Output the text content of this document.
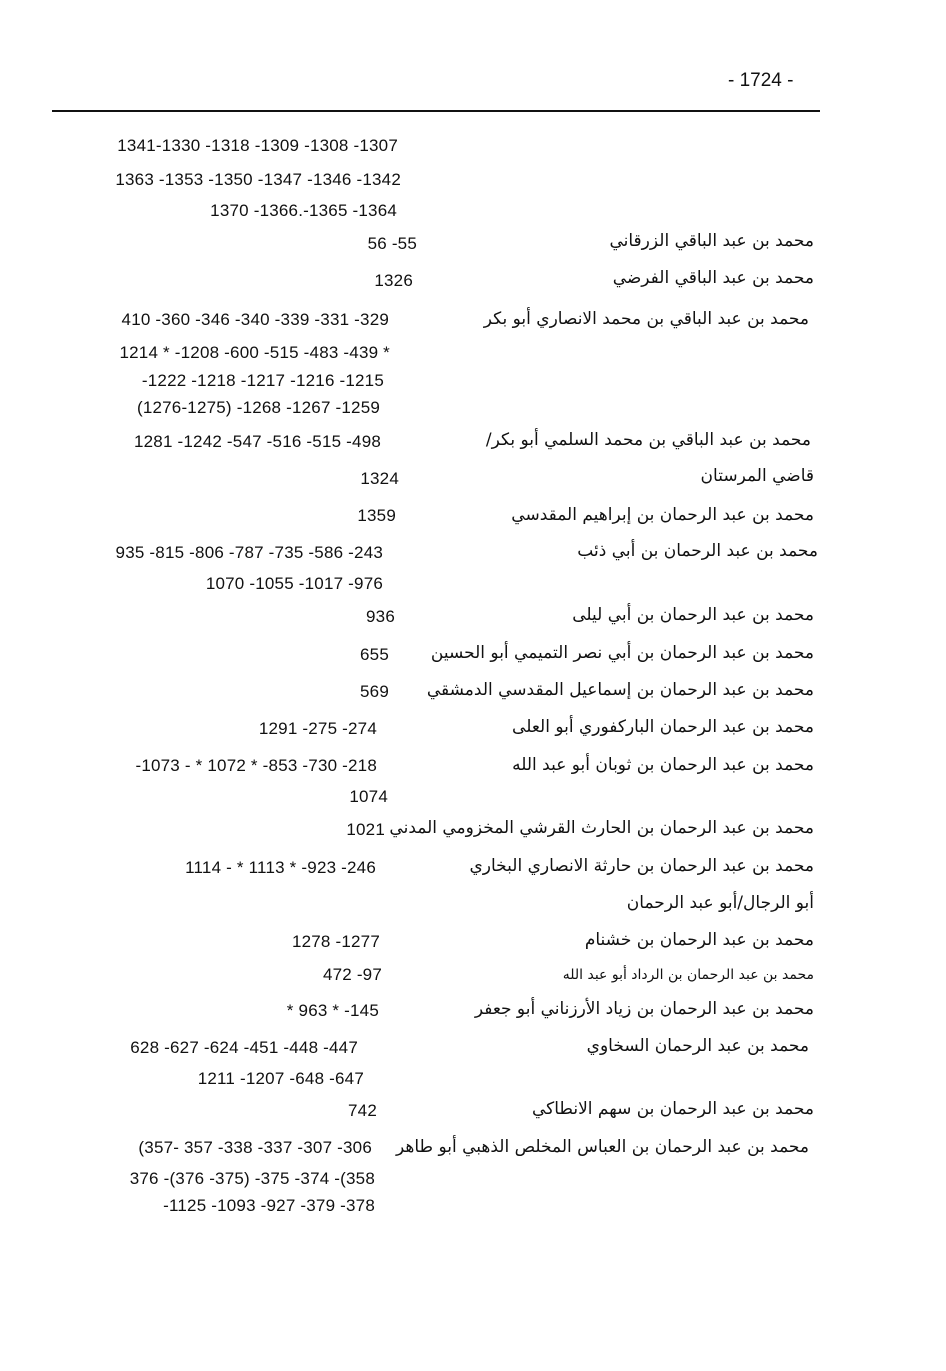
- 1724 -
1341-1330 -1318 -1309 -1308 -1307
1363 -1353 -1350 -1347 -1346 -1342
1370 -1366.-1365 -1364
محمد بن عبد الباقي الزرقاني
56 -55
محمد بن عبد الباقي الفرضي
1326
محمد بن عبد الباقي بن محمد الانصاري أبو بكر
410 -360 -346 -340 -339 -331 -329
1214 * -1208 -600 -515 -483 -439 *
-1222 -1218 -1217 -1216 -1215
(1276-1275) -1268 -1267 -1259
محمد بن عبد الباقي بن محمد السلمي أبو بكر/
1281 -1242 -547 -516 -515 -498
قاضي المرستان
1324
محمد بن عبد الرحمان بن إبراهيم المقدسي
1359
محمد بن عبد الرحمان بن أبي ذئب
935 -815 -806 -787 -735 -586 -243
1070 -1055 -1017 -976
محمد بن عبد الرحمان بن أبي ليلى
936
محمد بن عبد الرحمان بن أبي نصر التميمي أبو الحسين
655
محمد بن عبد الرحمان بن إسماعيل المقدسي الدمشقي
569
محمد بن عبد الرحمان الباركفوري أبو العلى
1291 -275 -274
محمد بن عبد الرحمان بن ثوبان أبو عبد الله
-1073 - * 1072 * -853 -730 -218
1074
محمد بن عبد الرحمان بن الحارث القرشي المخزومي المدني
1021
محمد بن عبد الرحمان بن حارثة الانصاري البخاري
1114 - * 1113 * -923 -246
أبو الرجال/أبو عبد الرحمان
محمد بن عبد الرحمان بن خشنام
1278 -1277
محمد بن عبد الرحمان بن الرداد أبو عبد الله
472 -97
محمد بن عبد الرحمان بن زياد الأرزناني أبو جعفر
* 963 * -145
محمد بن عبد الرحمان السخاوي
628 -627 -624 -451 -448 -447
1211 -1207 -648 -647
محمد بن عبد الرحمان بن سهم الانطاكي
742
محمد بن عبد الرحمان بن العباس المخلص الذهبي أبو طاهر
(357- 357 -338 -337 -307 -306
376 -(376 -375) -375 -374 -(358
-1125 -1093 -927 -379 -378
